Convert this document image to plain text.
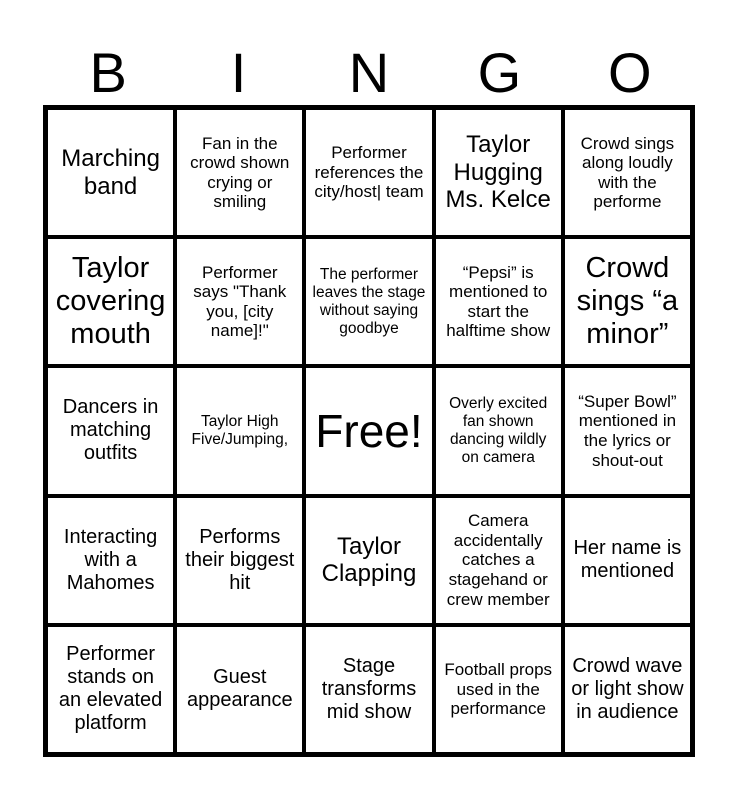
B	I	N	G	O
Marching band
Fan in the crowd shown crying or smiling
Performer references the city/host| team
Taylor Hugging Ms. Kelce
Crowd sings along loudly with the performe
Taylor covering mouth
Performer says "Thank you, [city name]!"
The performer leaves the stage without saying goodbye
“Pepsi” is mentioned to start the halftime show
Crowd sings “a minor”
Dancers in matching outfits
Taylor High Five/Jumping, Free!
Overly excited fan shown dancing wildly on camera
“Super Bowl” mentioned in the lyrics or shout-out
Interacting with a Mahomes
Performs their biggest hit
Taylor Clapping
Camera accidentally catches a stagehand or crew member
Her name is mentioned
Performer stands on an elevated platform
Guest appearance
Stage transforms mid show
Football props used in the performance
Crowd wave or light show in audience
